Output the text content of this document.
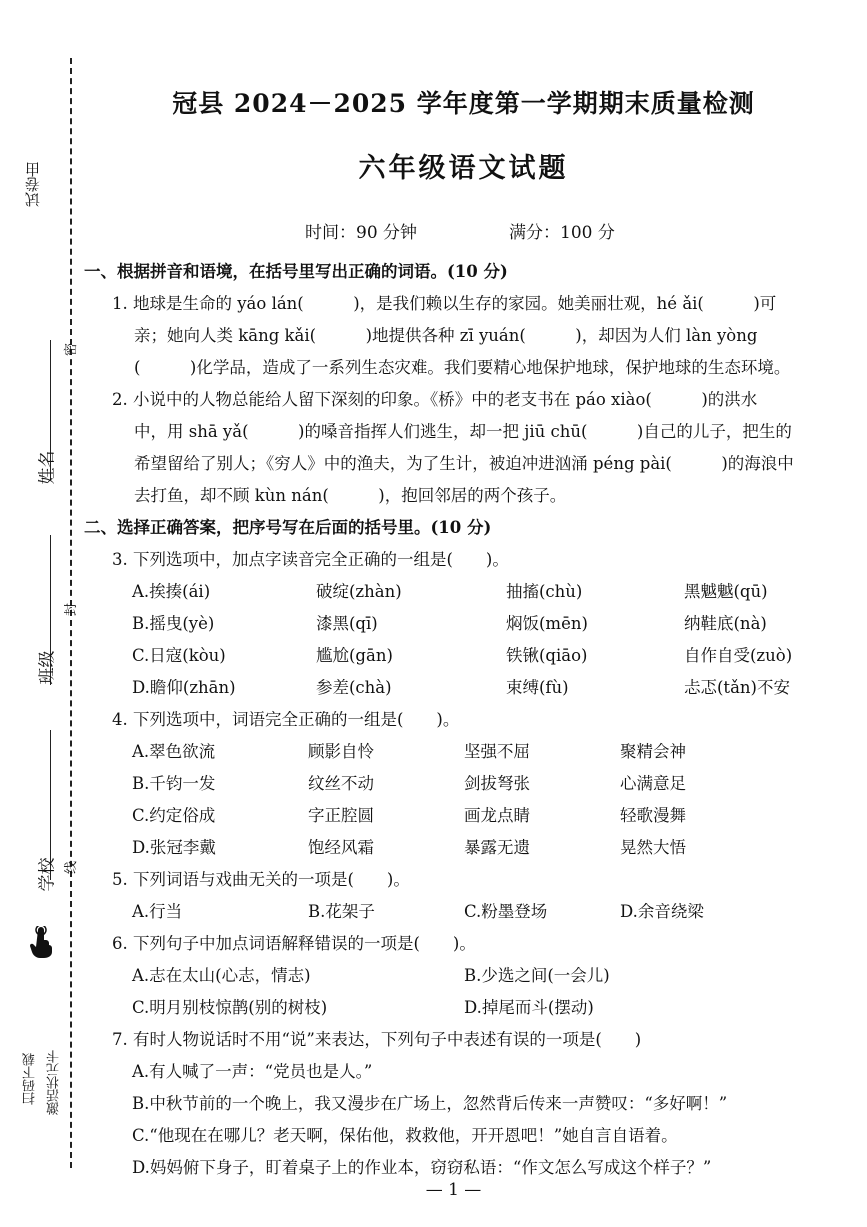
试卷由
姓名
密
班级
封
学校 线
扫码下载 激活状元卡
冠县 2024－2025 学年度第一学期期末质量检测
六年级语文试题
时间：90 分钟	满分：100 分
一、根据拼音和语境，在括号里写出正确的词语。(10 分)
1. 地球是生命的 yáo lán(　　　)，是我们赖以生存的家园。她美丽壮观，hé ǎi(　　　)可
亲；她向人类 kāng kǎi(　　　)地提供各种 zī yuán(　　　)，却因为人们 làn yòng
(　　　)化学品，造成了一系列生态灾难。我们要精心地保护地球，保护地球的生态环境。
2. 小说中的人物总能给人留下深刻的印象。《桥》中的老支书在 páo xiào(　　　)的洪水
中，用 shā yǎ(　　　)的嗓音指挥人们逃生，却一把 jiū chū(　　　)自己的儿子，把生的
希望留给了别人；《穷人》中的渔夫，为了生计，被迫冲进汹涌 péng pài(　　　)的海浪中
去打鱼，却不顾 kùn nán(　　　)，抱回邻居的两个孩子。
二、选择正确答案，把序号写在后面的括号里。(10 分)
3. 下列选项中，加点字读音完全正确的一组是(　　)。
A.挨揍(ái)	破绽(zhàn)	抽搐(chù)	黑魆魆(qū)
B.摇曳(yè)	漆黑(qī)	焖饭(mēn)	纳鞋底(nà)
C.日寇(kòu)	尴尬(gān)	铁锹(qiāo)	自作自受(zuò)
D.瞻仰(zhān)	参差(chà)	束缚(fù)	忐忑(tǎn)不安
4. 下列选项中，词语完全正确的一组是(　　)。
A.翠色欲流	顾影自怜	坚强不屈	聚精会神
B.千钧一发	纹丝不动	剑拔弩张	心满意足
C.约定俗成	字正腔圆	画龙点睛	轻歌漫舞
D.张冠李戴	饱经风霜	暴露无遗	晃然大悟
5. 下列词语与戏曲无关的一项是(　　)。
A.行当	B.花架子	C.粉墨登场	D.余音绕梁
6. 下列句子中加点词语解释错误的一项是(　　)。
A.志在太山(心志，情志)	B.少选之间(一会儿)
C.明月别枝惊鹊(别的树枝)	D.掉尾而斗(摆动)
7. 有时人物说话时不用“说”来表达，下列句子中表述有误的一项是(　　)
A.有人喊了一声：“党员也是人。”
B.中秋节前的一个晚上，我又漫步在广场上，忽然背后传来一声赞叹：“多好啊！”
C.“他现在在哪儿？老天啊，保佑他，救救他，开开恩吧！”她自言自语着。
D.妈妈俯下身子，盯着桌子上的作业本，窃窃私语：“作文怎么写成这个样子？”
— 1 —
